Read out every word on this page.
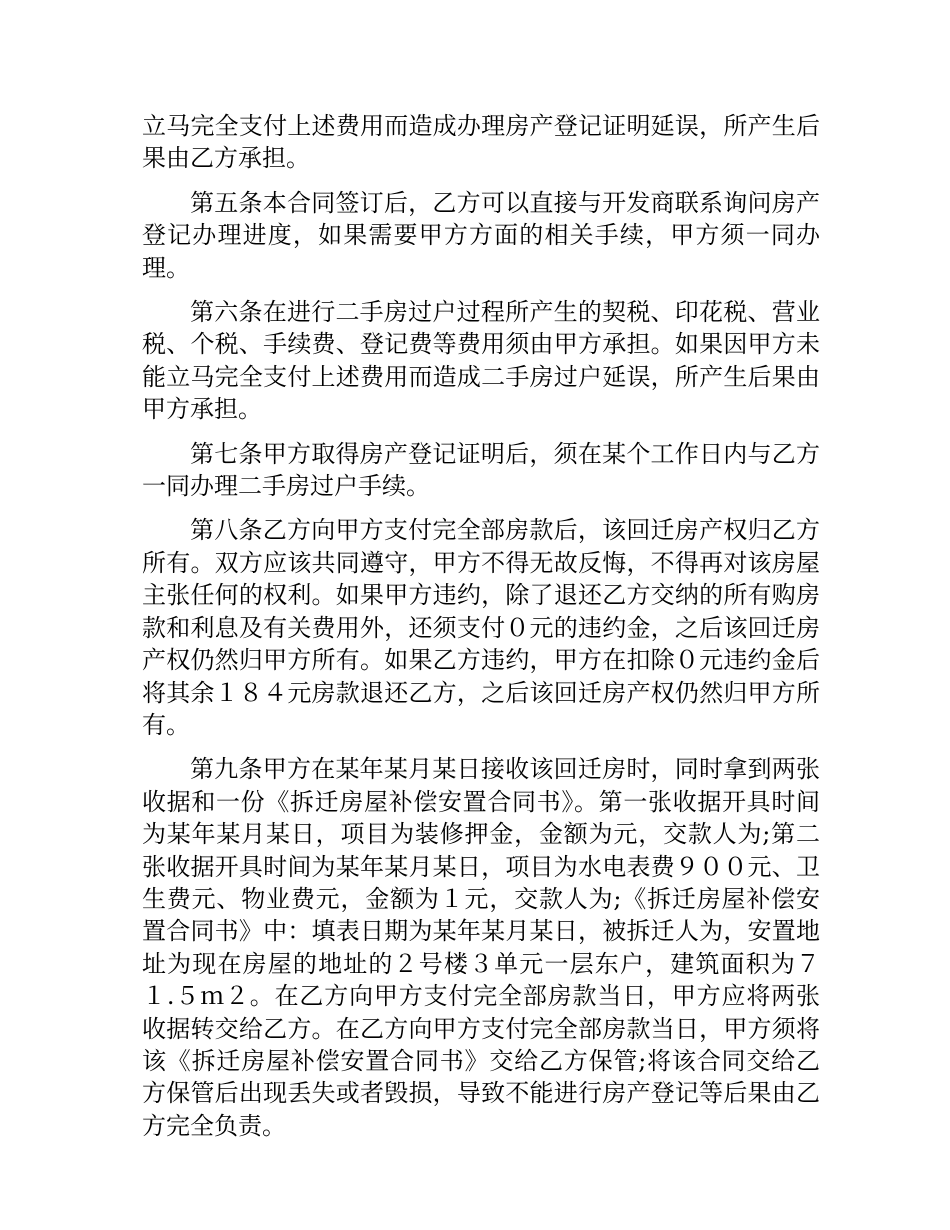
立马完全支付上述费用而造成办理房产登记证明延误，所产生后果由乙方承担。

第五条本合同签订后，乙方可以直接与开发商联系询问房产登记办理进度，如果需要甲方方面的相关手续，甲方须一同办理。

第六条在进行二手房过户过程所产生的契税、印花税、营业税、个税、手续费、登记费等费用须由甲方承担。如果因甲方未能立马完全支付上述费用而造成二手房过户延误，所产生后果由甲方承担。

第七条甲方取得房产登记证明后，须在某个工作日内与乙方一同办理二手房过户手续。

第八条乙方向甲方支付完全部房款后，该回迁房产权归乙方所有。双方应该共同遵守，甲方不得无故反悔，不得再对该房屋主张任何的权利。如果甲方违约，除了退还乙方交纳的所有购房款和利息及有关费用外，还须支付０元的违约金，之后该回迁房产权仍然归甲方所有。如果乙方违约，甲方在扣除０元违约金后将其余１８４元房款退还乙方，之后该回迁房产权仍然归甲方所有。

第九条甲方在某年某月某日接收该回迁房时，同时拿到两张收据和一份《拆迁房屋补偿安置合同书》。第一张收据开具时间为某年某月某日，项目为装修押金，金额为元，交款人为;第二张收据开具时间为某年某月某日，项目为水电表费９００元、卫生费元、物业费元，金额为１元，交款人为;《拆迁房屋补偿安置合同书》中：填表日期为某年某月某日，被拆迁人为，安置地址为现在房屋的地址的２号楼３单元一层东户，建筑面积为７１.５ｍ２。在乙方向甲方支付完全部房款当日，甲方应将两张收据转交给乙方。在乙方向甲方支付完全部房款当日，甲方须将该《拆迁房屋补偿安置合同书》交给乙方保管;将该合同交给乙方保管后出现丢失或者毁损，导致不能进行房产登记等后果由乙方完全负责。
